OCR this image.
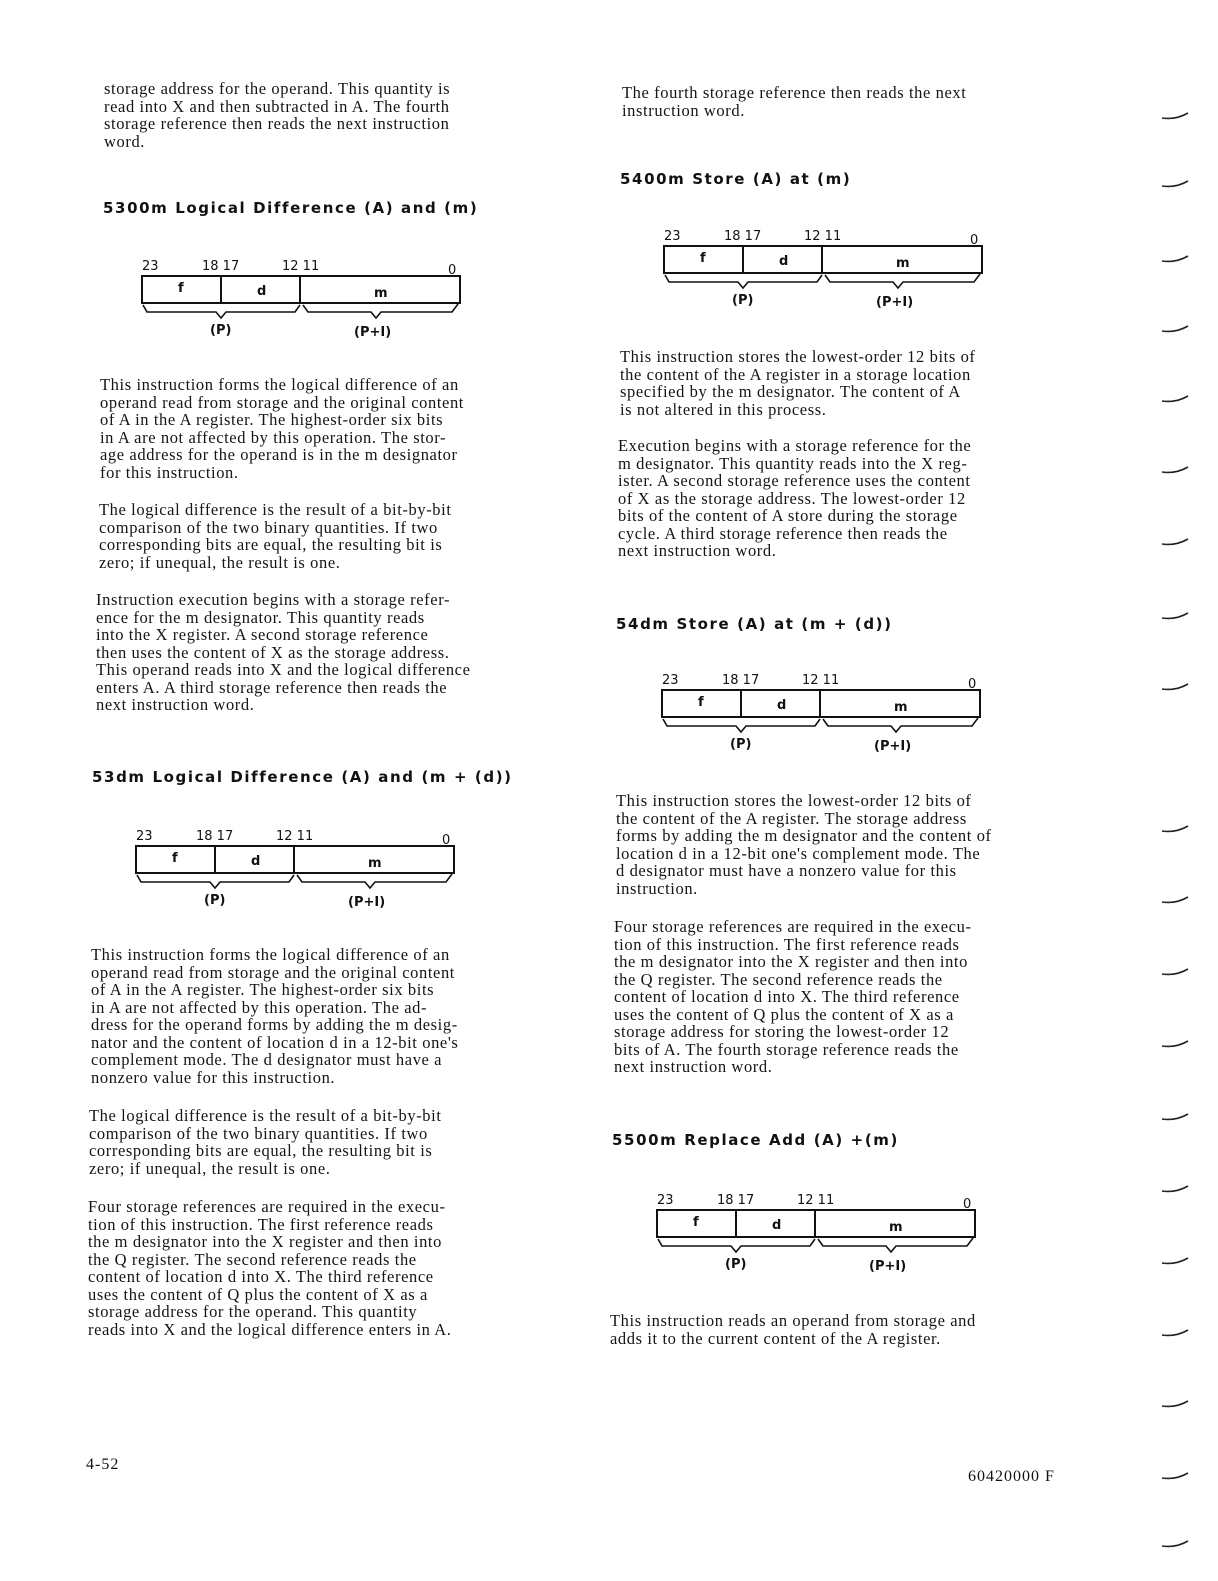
storage address for the operand. This quantity is
read into X and then subtracted in A. The fourth
storage reference then reads the next instruction
word.

5300m Logical Difference (A) and (m)

23	18 17	12 11	0
f	d	m
(P)	(P+I)

This instruction forms the logical difference of an
operand read from storage and the original content
of A in the A register. The highest-order six bits
in A are not affected by this operation. The stor-
age address for the operand is in the m designator
for this instruction.

The logical difference is the result of a bit-by-bit
comparison of the two binary quantities. If two
corresponding bits are equal, the resulting bit is
zero; if unequal, the result is one.

Instruction execution begins with a storage refer-
ence for the m designator. This quantity reads
into the X register. A second storage reference
then uses the content of X as the storage address.
This operand reads into X and the logical difference
enters A. A third storage reference then reads the
next instruction word.

53dm Logical Difference (A) and (m + (d))

23	18 17	12 11	0
f	d	m
(P)	(P+I)

This instruction forms the logical difference of an
operand read from storage and the original content
of A in the A register. The highest-order six bits
in A are not affected by this operation. The ad-
dress for the operand forms by adding the m desig-
nator and the content of location d in a 12-bit one's
complement mode. The d designator must have a
nonzero value for this instruction.

The logical difference is the result of a bit-by-bit
comparison of the two binary quantities. If two
corresponding bits are equal, the resulting bit is
zero; if unequal, the result is one.

Four storage references are required in the execu-
tion of this instruction. The first reference reads
the m designator into the X register and then into
the Q register. The second reference reads the
content of location d into X. The third reference
uses the content of Q plus the content of X as a
storage address for the operand. This quantity
reads into X and the logical difference enters in A.

The fourth storage reference then reads the next
instruction word.

5400m Store (A) at (m)

23	18 17	12 11	0
f	d	m
(P)	(P+I)

This instruction stores the lowest-order 12 bits of
the content of the A register in a storage location
specified by the m designator. The content of A
is not altered in this process.

Execution begins with a storage reference for the
m designator. This quantity reads into the X reg-
ister. A second storage reference uses the content
of X as the storage address. The lowest-order 12
bits of the content of A store during the storage
cycle. A third storage reference then reads the
next instruction word.

54dm Store (A) at (m + (d))

23	18 17	12 11	0
f	d	m
(P)	(P+I)

This instruction stores the lowest-order 12 bits of
the content of the A register. The storage address
forms by adding the m designator and the content of
location d in a 12-bit one's complement mode. The
d designator must have a nonzero value for this
instruction.

Four storage references are required in the execu-
tion of this instruction. The first reference reads
the m designator into the X register and then into
the Q register. The second reference reads the
content of location d into X. The third reference
uses the content of Q plus the content of X as a
storage address for storing the lowest-order 12
bits of A. The fourth storage reference reads the
next instruction word.

5500m Replace Add (A) +(m)

23	18 17	12 11	0
f	d	m
(P)	(P+I)

This instruction reads an operand from storage and
adds it to the current content of the A register.

4-52
60420000 F
